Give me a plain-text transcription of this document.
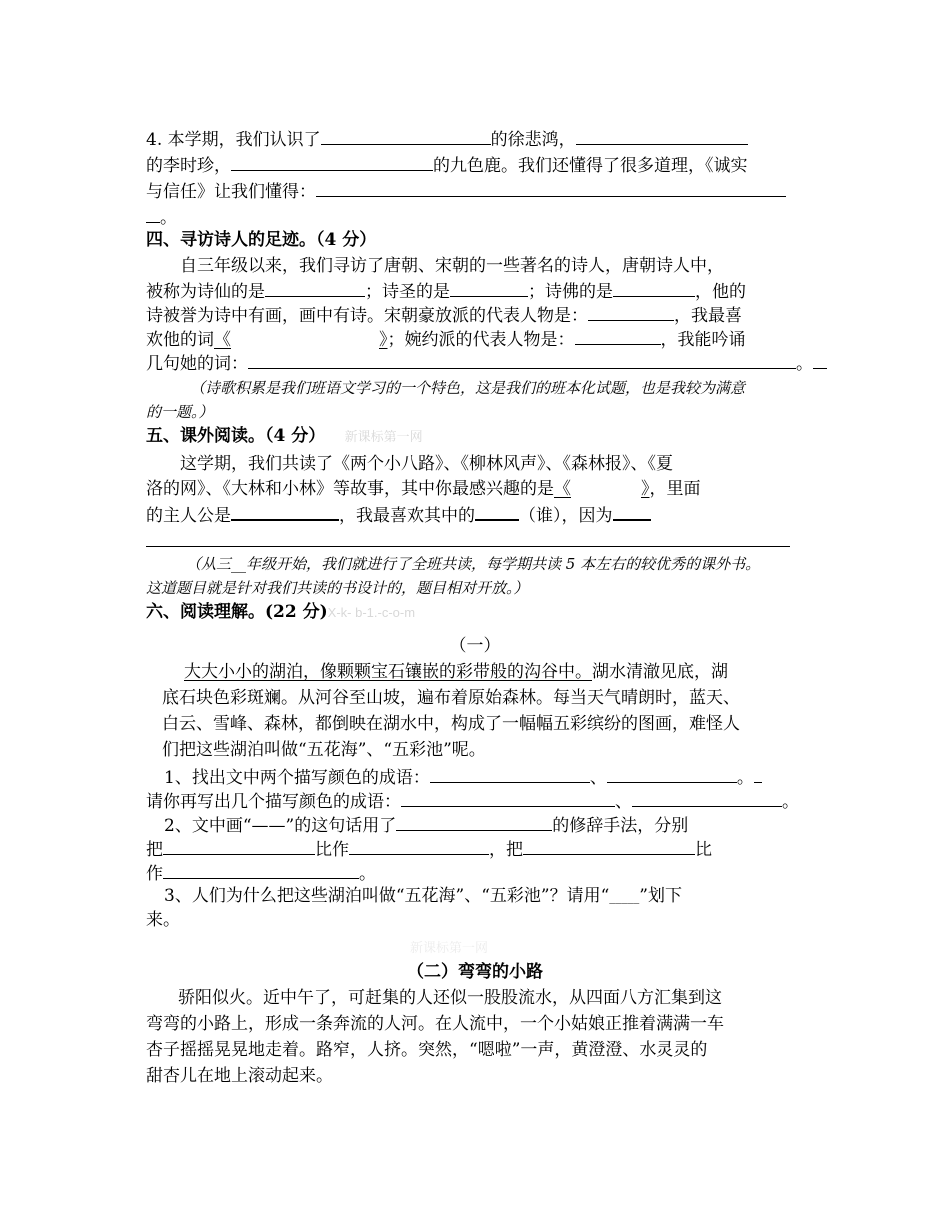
4. 本学期，我们认识了	的徐悲鸿，
的李时珍，	的九色鹿。我们还懂得了很多道理，《诚实
与信任》让我们懂得：
。
四、寻访诗人的足迹。（4 分）
自三年级以来，我们寻访了唐朝、宋朝的一些著名的诗人，唐朝诗人中，
被称为诗仙的是	；诗圣的是	；诗佛的是	，他的
诗被誉为诗中有画，画中有诗。宋朝豪放派的代表人物是：	，我最喜
欢他的词《	》；婉约派的代表人物是：	，我能吟诵
几句她的词：	。
（诗歌积累是我们班语文学习的一个特色，这是我们的班本化试题，也是我较为满意
的一题。）
五、课外阅读。（4 分） 新课标第一网
这学期，我们共读了《两个小八路》、《柳林风声》、《森林报》、《夏
洛的网》、《大林和小林》等故事，其中你最感兴趣的是《	》，里面
的主人公是	，我最喜欢其中的	（谁），因为
（从三__年级开始，我们就进行了全班共读，每学期共读 5 本左右的较优秀的课外书。
这道题目就是针对我们共读的书设计的，题目相对开放。）
六、阅读理解。(22 分)X-k- b-1.-c-o-m
（一）
大大小小的湖泊，像颗颗宝石镶嵌的彩带般的沟谷中。湖水清澈见底，湖
底石块色彩斑斓。从河谷至山坡，遍布着原始森林。每当天气晴朗时，蓝天、
白云、雪峰、森林，都倒映在湖水中，构成了一幅幅五彩缤纷的图画，难怪人
们把这些湖泊叫做“五花海”、“五彩池”呢。
1、找出文中两个描写颜色的成语：	、	。
请你再写出几个描写颜色的成语：	、	。
2、文中画“——”的这句话用了	的修辞手法，分别
把	比作	，把	比
作	。
3、人们为什么把这些湖泊叫做“五花海”、“五彩池”？请用“_____”划下
来。
新课标第一网
（二）弯弯的小路
骄阳似火。近中午了，可赶集的人还似一股股流水，从四面八方汇集到这
弯弯的小路上，形成一条奔流的人河。在人流中，一个小姑娘正推着满满一车
杏子摇摇晃晃地走着。路窄，人挤。突然，“嗯啦”一声，黄澄澄、水灵灵的
甜杏儿在地上滚动起来。
